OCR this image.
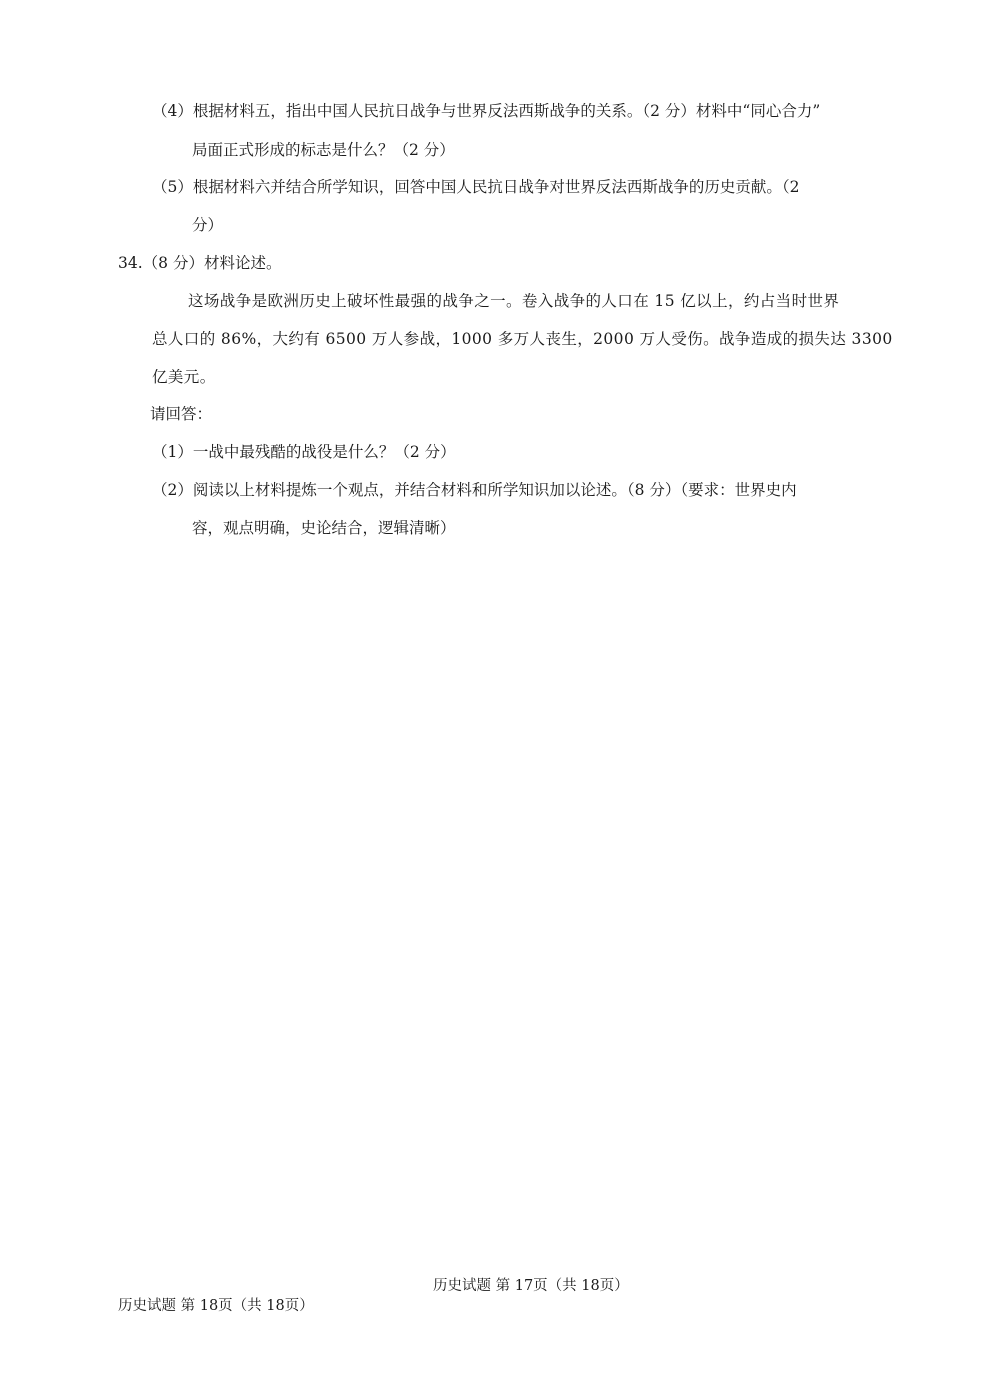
（4）根据材料五，指出中国人民抗日战争与世界反法西斯战争的关系。（2 分）材料中“同心合力”
局面正式形成的标志是什么？（2 分）
（5）根据材料六并结合所学知识，回答中国人民抗日战争对世界反法西斯战争的历史贡献。（2
分）
34.（8 分）材料论述。
这场战争是欧洲历史上破坏性最强的战争之一。卷入战争的人口在 15 亿以上，约占当时世界
总人口的 86%，大约有 6500 万人参战，1000 多万人丧生，2000 万人受伤。战争造成的损失达 3300
亿美元。
请回答：
（1）一战中最残酷的战役是什么？（2 分）
（2）阅读以上材料提炼一个观点，并结合材料和所学知识加以论述。（8 分）（要求：世界史内
容，观点明确，史论结合，逻辑清晰）
历史试题 第 17页（共 18页）
历史试题 第 18页（共 18页）
